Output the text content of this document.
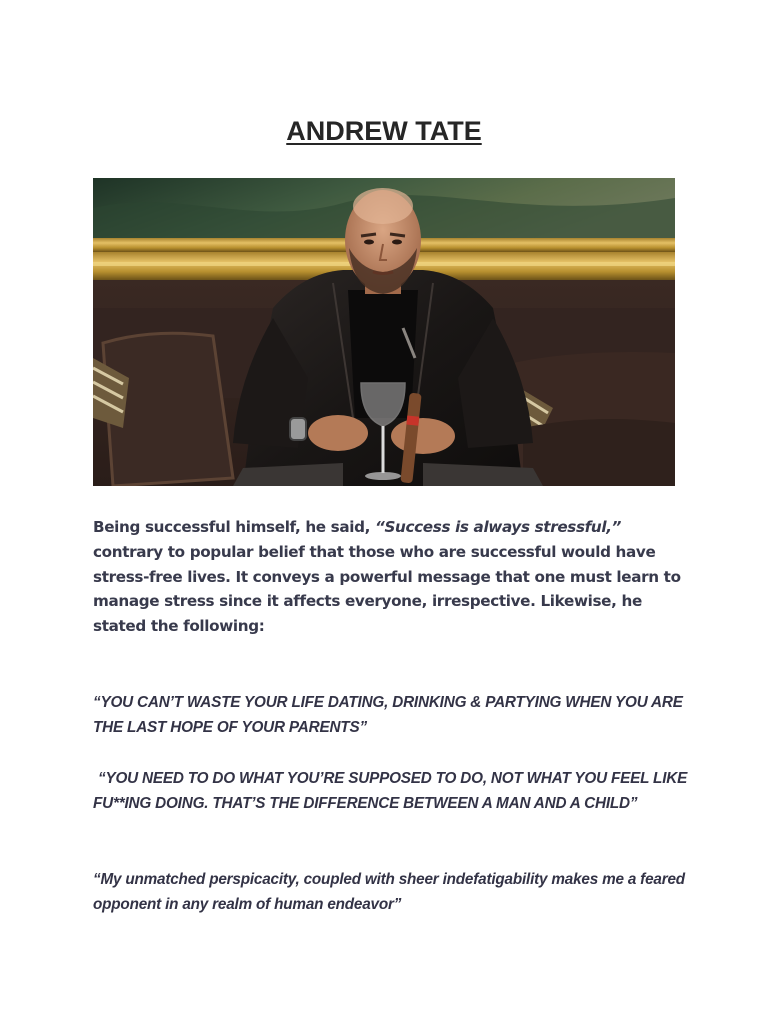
ANDREW TATE

Being successful himself, he said, “Success is always stressful,” contrary to popular belief that those who are successful would have stress-free lives. It conveys a powerful message that one must learn to manage stress since it affects everyone, irrespective. Likewise, he stated the following:

“YOU CAN’T WASTE YOUR LIFE DATING, DRINKING & PARTYING WHEN YOU ARE THE LAST HOPE OF YOUR PARENTS”

“YOU NEED TO DO WHAT YOU’RE SUPPOSED TO DO, NOT WHAT YOU FEEL LIKE FU**ING DOING. THAT’S THE DIFFERENCE BETWEEN A MAN AND A CHILD”

“My unmatched perspicacity, coupled with sheer indefatigability makes me a feared opponent in any realm of human endeavor”
